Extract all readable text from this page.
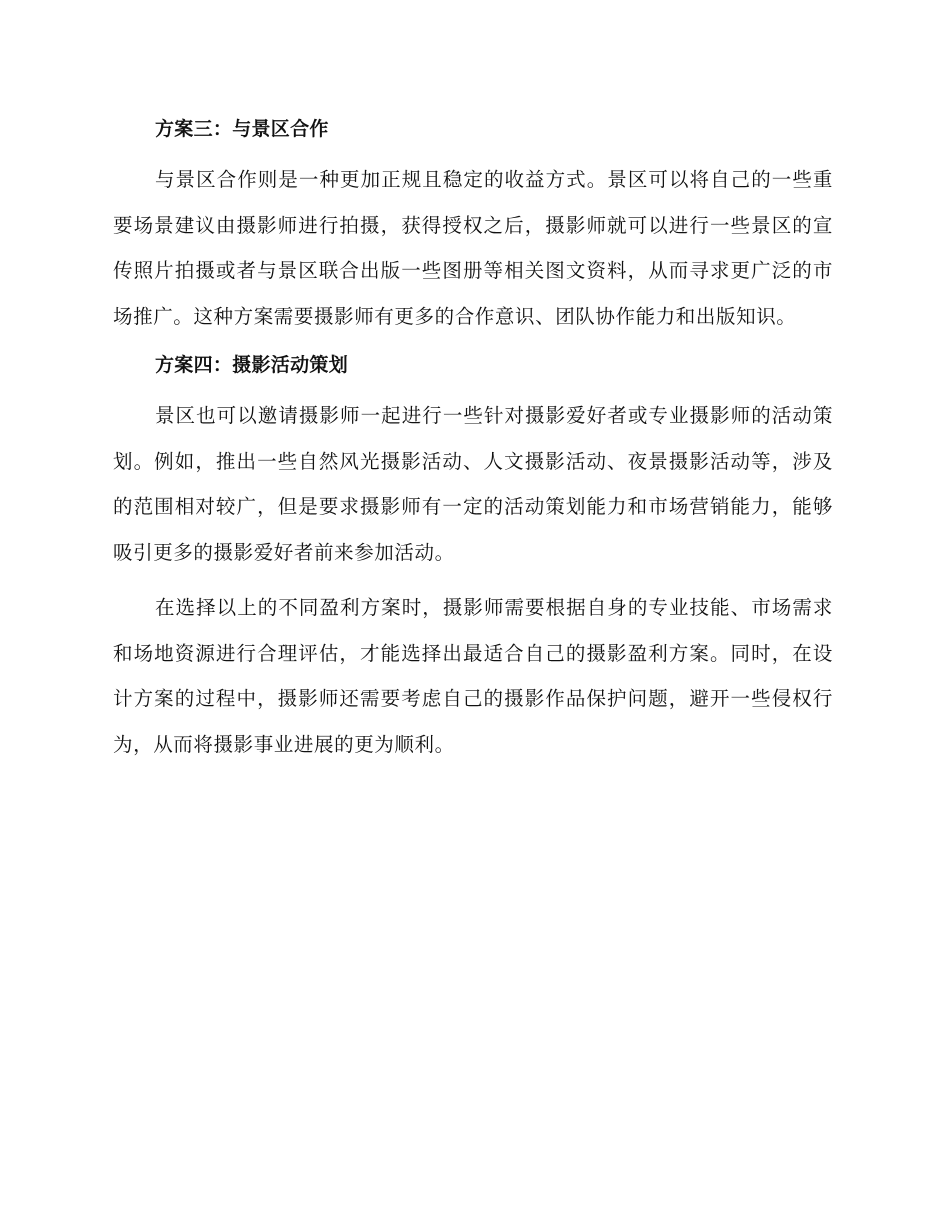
方案三：与景区合作

与景区合作则是一种更加正规且稳定的收益方式。景区可以将自己的一些重要场景建议由摄影师进行拍摄，获得授权之后，摄影师就可以进行一些景区的宣传照片拍摄或者与景区联合出版一些图册等相关图文资料，从而寻求更广泛的市场推广。这种方案需要摄影师有更多的合作意识、团队协作能力和出版知识。

方案四：摄影活动策划

景区也可以邀请摄影师一起进行一些针对摄影爱好者或专业摄影师的活动策划。例如，推出一些自然风光摄影活动、人文摄影活动、夜景摄影活动等，涉及的范围相对较广，但是要求摄影师有一定的活动策划能力和市场营销能力，能够吸引更多的摄影爱好者前来参加活动。

在选择以上的不同盈利方案时，摄影师需要根据自身的专业技能、市场需求和场地资源进行合理评估，才能选择出最适合自己的摄影盈利方案。同时，在设计方案的过程中，摄影师还需要考虑自己的摄影作品保护问题，避开一些侵权行为，从而将摄影事业进展的更为顺利。
